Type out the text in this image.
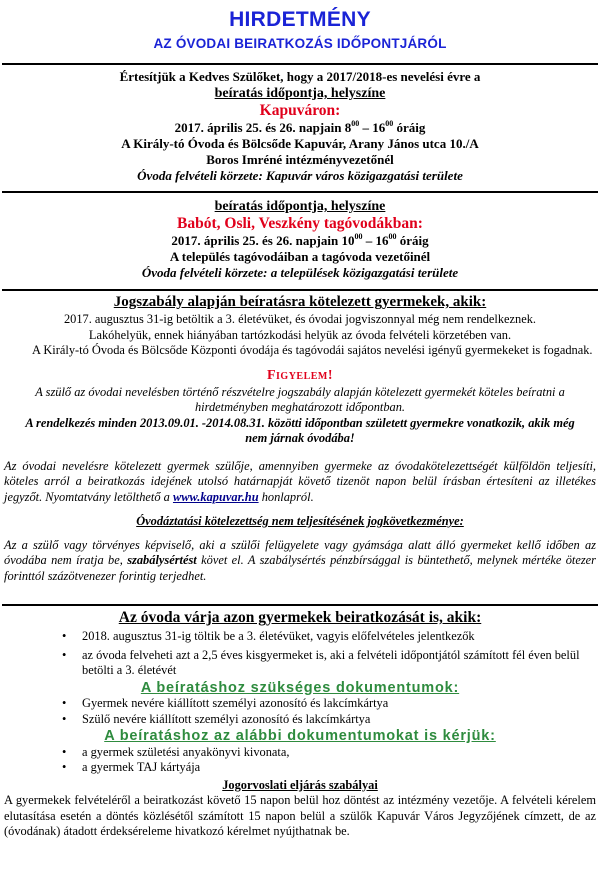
HIRDETMÉNY
AZ ÓVODAI BEIRATKOZÁS IDŐPONTJÁRÓL

Értesítjük a Kedves Szülőket, hogy a 2017/2018-es nevelési évre a

beíratás időpontja, helyszíne

Kapuváron:

2017. április 25. és 26. napjain $8^{00} - 16^{00}$ óráig

A Király-tó Óvoda és Bölcsőde Kapuvár, Arany János utca 10./A

Boros Imréné intézményvezetőnél

Óvoda felvételi körzete: Kapuvár város közigazgatási területe

beíratás időpontja, helyszíne

Babót, Osli, Veszkény tagóvodákban:

2017. április 25. és 26. napjain $10^{00} - 16^{00}$ óráig

A település tagóvodáiban a tagóvoda vezetőinél

Óvoda felvételi körzete: a települések közigazgatási területe

Jogszabály alapján beíratásra kötelezett gyermekek, akik:

2017. augusztus 31-ig betöltik a 3. életévüket, és óvodai jogviszonnyal még nem rendelkeznek.

Lakóhelyük, ennek hiányában tartózkodási helyük az óvoda felvételi körzetében van.

A Király-tó Óvoda és Bölcsőde Központi óvodája és tagóvodái sajátos nevelési igényű gyermekeket is fogadnak.

Figyelem!

A szülő az óvodai nevelésben történő részvételre jogszabály alapján kötelezett gyermekét köteles beíratni a hirdetményben meghatározott időpontban.

A rendelkezés minden 2013.09.01. -2014.08.31. közötti időpontban született gyermekre vonatkozik, akik még nem járnak óvodába!

Az óvodai nevelésre kötelezett gyermek szülője, amennyiben gyermeke az óvodakötelezettségét külföldön teljesíti, köteles arról a beiratkozás idejének utolsó határnapját követő tizenöt napon belül írásban értesíteni az illetékes jegyzőt. Nyomtatvány letölthető a www.kapuvar.hu honlapról.

Óvodáztatási kötelezettség nem teljesítésének jogkövetkezménye:

Az a szülő vagy törvényes képviselő, aki a szülői felügyelete vagy gyámsága alatt álló gyermeket kellő időben az óvodába nem íratja be, szabálysértést követ el. A szabálysértés pénzbírsággal is büntethető, melynek mértéke ötezer forinttól százötvenezer forintig terjedhet.

Az óvoda várja azon gyermekek beiratkozását is, akik:

• 2018. augusztus 31-ig töltik be a 3. életévüket, vagyis előfelvételes jelentkezők
• az óvoda felveheti azt a 2,5 éves kisgyermeket is, aki a felvételi időpontjától számított fél éven belül betölti a 3. életévét

A beíratáshoz szükséges dokumentumok:

• Gyermek nevére kiállított személyi azonosító és lakcímkártya
• Szülő nevére kiállított személyi azonosító és lakcímkártya

A beíratáshoz az alábbi dokumentumokat is kérjük:

• a gyermek születési anyakönyvi kivonata,
• a gyermek TAJ kártyája

Jogorvoslati eljárás szabályai

A gyermekek felvételéről a beiratkozást követő 15 napon belül hoz döntést az intézmény vezetője. A felvételi kérelem elutasítása esetén a döntés közlésétől számított 15 napon belül a szülők Kapuvár Város Jegyzőjének címzett, de az (óvodának) átadott érdekséreleme hivatkozó kérelmet nyújthatnak be.
